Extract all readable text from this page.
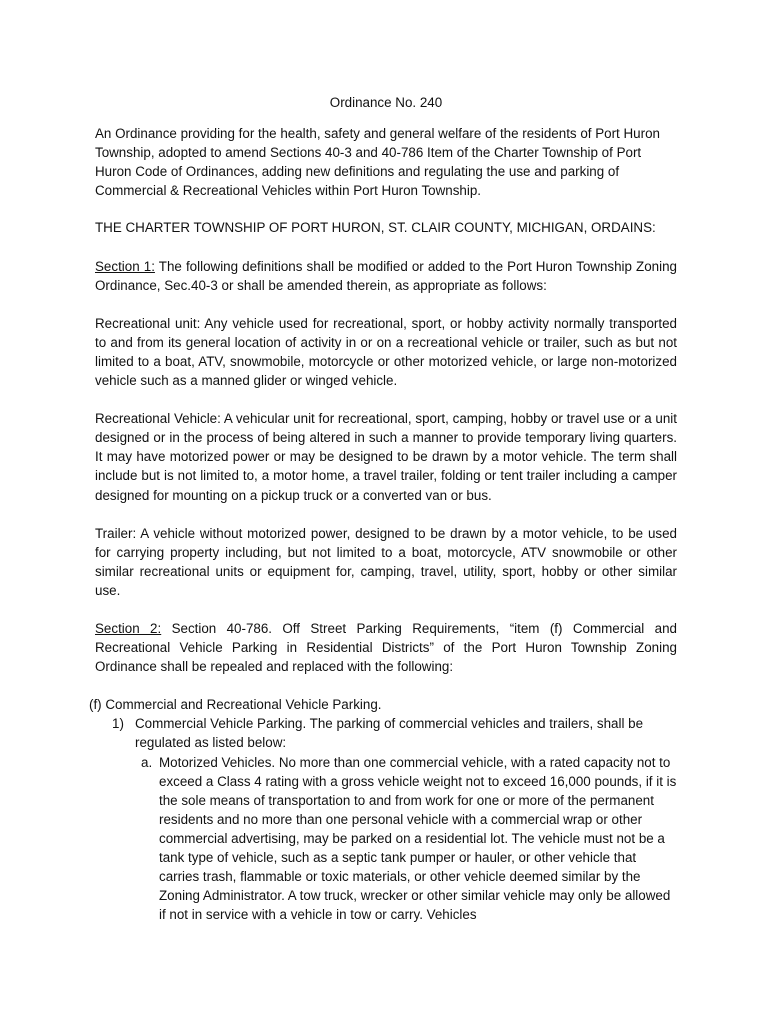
Ordinance No. 240

An Ordinance providing for the health, safety and general welfare of the residents of Port Huron Township, adopted to amend Sections 40-3 and 40-786 Item of the Charter Township of Port Huron Code of Ordinances, adding new definitions and regulating the use and parking of Commercial & Recreational Vehicles within Port Huron Township.

THE CHARTER TOWNSHIP OF PORT HURON, ST. CLAIR COUNTY, MICHIGAN, ORDAINS:

Section 1: The following definitions shall be modified or added to the Port Huron Township Zoning Ordinance, Sec.40-3 or shall be amended therein, as appropriate as follows:

Recreational unit: Any vehicle used for recreational, sport, or hobby activity normally transported to and from its general location of activity in or on a recreational vehicle or trailer, such as but not limited to a boat, ATV, snowmobile, motorcycle or other motorized vehicle, or large non-motorized vehicle such as a manned glider or winged vehicle.

Recreational Vehicle: A vehicular unit for recreational, sport, camping, hobby or travel use or a unit designed or in the process of being altered in such a manner to provide temporary living quarters. It may have motorized power or may be designed to be drawn by a motor vehicle. The term shall include but is not limited to, a motor home, a travel trailer, folding or tent trailer including a camper designed for mounting on a pickup truck or a converted van or bus.

Trailer: A vehicle without motorized power, designed to be drawn by a motor vehicle, to be used for carrying property including, but not limited to a boat, motorcycle, ATV snowmobile or other similar recreational units or equipment for, camping, travel, utility, sport, hobby or other similar use.

Section 2: Section 40-786. Off Street Parking Requirements, “item (f) Commercial and Recreational Vehicle Parking in Residential Districts” of the Port Huron Township Zoning Ordinance shall be repealed and replaced with the following:

(f) Commercial and Recreational Vehicle Parking.

1) Commercial Vehicle Parking. The parking of commercial vehicles and trailers, shall be regulated as listed below:
a. Motorized Vehicles. No more than one commercial vehicle, with a rated capacity not to exceed a Class 4 rating with a gross vehicle weight not to exceed 16,000 pounds, if it is the sole means of transportation to and from work for one or more of the permanent residents and no more than one personal vehicle with a commercial wrap or other commercial advertising, may be parked on a residential lot. The vehicle must not be a tank type of vehicle, such as a septic tank pumper or hauler, or other vehicle that carries trash, flammable or toxic materials, or other vehicle deemed similar by the Zoning Administrator. A tow truck, wrecker or other similar vehicle may only be allowed if not in service with a vehicle in tow or carry. Vehicles
